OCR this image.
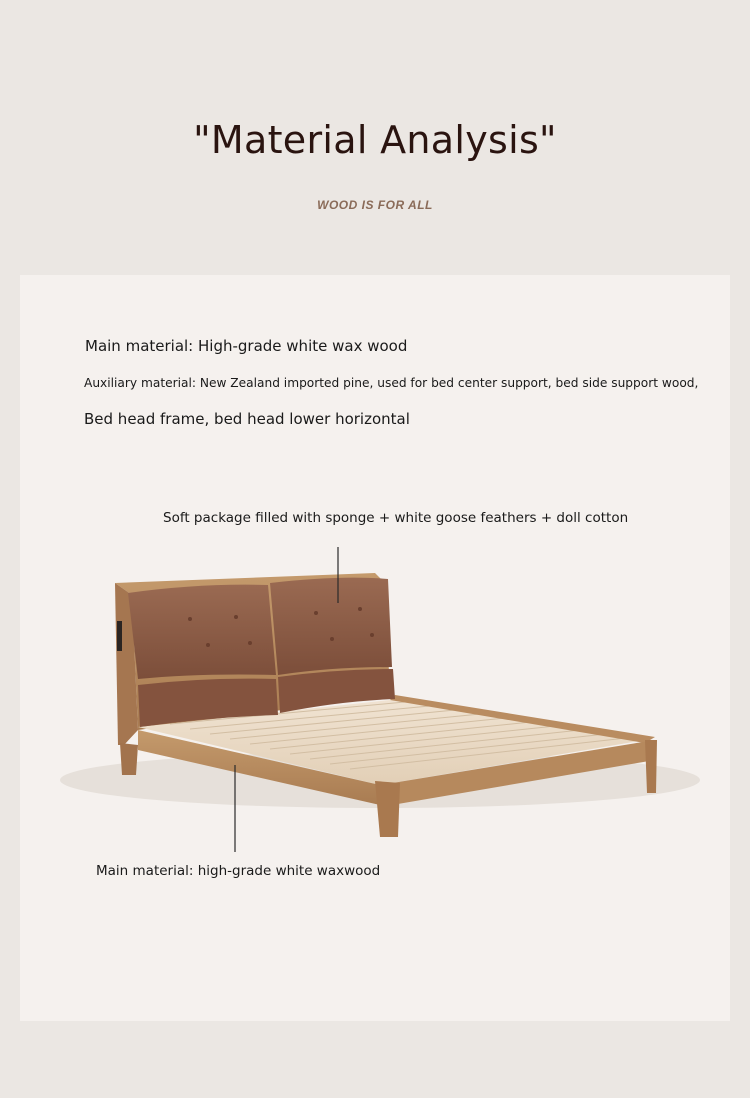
"Material Analysis"
WOOD IS FOR ALL
Main material: High-grade white wax wood
Auxiliary material: New Zealand imported pine, used for bed center support, bed side support wood,
Bed head frame, bed head lower horizontal
Soft package filled with sponge + white goose feathers + doll cotton
Main material: high-grade white waxwood
